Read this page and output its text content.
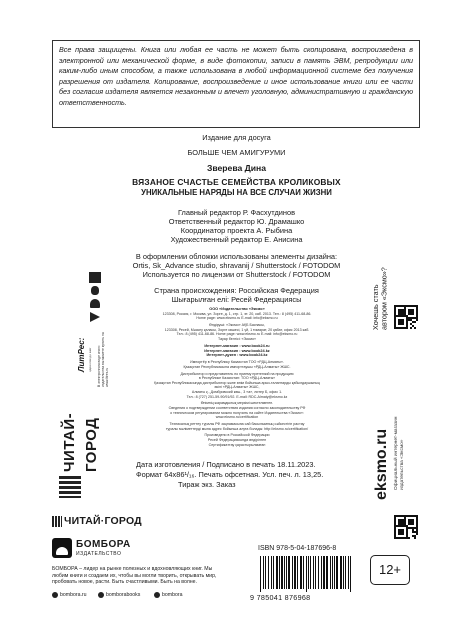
Все права защищены. Книга или любая ее часть не может быть скопирована, воспроизведена в электронной или механической форме, в виде фотокопии, записи в память ЭВМ, репродукции или каким-либо иным способом, а также использована в любой информационной системе без получения разрешения от издателя. Копирование, воспроизведение и иное использование книги или ее части без согласия издателя является незаконным и влечет уголовную, административную и гражданскую ответственность.
Издание для досуга
БОЛЬШЕ ЧЕМ АМИГУРУМИ
Зверева Дина
ВЯЗАНОЕ СЧАСТЬЕ СЕМЕЙСТВА КРОЛИКОВЫХ
УНИКАЛЬНЫЕ НАРЯДЫ НА ВСЕ СЛУЧАИ ЖИЗНИ
Главный редактор Р. Фасхутдинов
Ответственный редактор Ю. Драмашко
Координатор проекта А. Рыбина
Художественный редактор Е. Анисина
В оформлении обложки использованы элементы дизайна:
Ortis, Sk_Advance studio, shravanij / Shutterstock / FOTODOM
Используется по лицензии от Shutterstock / FOTODOM
Страна происхождения: Российская Федерация
Шығарылған елі: Ресей Федерациясы
ООО «Издательство «Эксмо»
123308, Россия, г. Москва, ул. Зорге, д. 1, стр. 1, эт. 20, каб. 2013. Тел.: 8 (495) 411-68-86.
Home page: www.eksmo.ru E-mail: info@eksmo.ru
Өндіруші: «Эксмо» АҚБ Баспасы,
123308, Ресей, Мәскеу қаласы, Зорге көшесі, 1 үй, 1 ғимарат, 20 қабат, офис 2013 каб.
Тел.: 8 (495) 411-68-86. Home page: www.eksmo.ru E-mail: info@eksmo.ru
Тауар белгісі: «Эксмо»
Интернет-магазин : www.book24.ru
Интернет-магазин : www.book24.kz
Интернет-дүкен : www.book24.kz
Импортёр в Республику Казахстан ТОО «РДЦ-Алматы».
Қазақстан Республикасына импорттаушы «РДЦ-Алматы» ЖШС.
Дистрибьютор и представитель по приему претензий на продукцию
в Республике Казахстан: ТОО «РДЦ-Алматы»
Қазақстан Республикасында дистрибьютор және өнім бойынша арыз-талаптарды қабылдаушының
өкілі «РДЦ-Алматы» ЖШС,
Алматы қ., Домбровский көш., 3 «а», литер Б, офис 1.
Тел.: 8 (727) 251-59-90/91/92. E-mail: RDC-Almaty@eksmo.kz
Өнімнің жарамдылық мерзімі шектелмеген.
Сведения о подтверждении соответствия издания согласно законодательству РФ
о техническом регулировании можно получить на сайте Издательства «Эксмо»:
www.eksmo.ru/certification
Техникалық реттеу туралы РФ заңнамасына сай басылымның сәйкестігін растау
туралы мәліметтерді мына адрес бойынша алуға болады: http://eksmo.ru/certification/
Произведено в Российской Федерации
Ресей Федерациясында өндірілген
Сертификаттау қарастырылмаған
Дата изготовления / Подписано в печать 18.11.2023.
Формат 64x86¹/₁₆. Печать офсетная. Усл. печ. л. 13,25.
Тираж экз. Заказ
В электронном виде книги издательства вы можете купить на www.litres.ru
ЛитРес: один клик до книг
ЧИТАЙ-ГОРОД
Хочешь стать автором «Эксмо»?
eksmo.ru Официальный интернет-магазин издательства «Эксмо»
ЧИТАЙ·ГОРОД
БОМБОРА
ИЗДАТЕЛЬСТВО
БОМБОРА – лидер на рынке полезных и вдохновляющих книг. Мы любим книги и создаем их, чтобы вы могли творить, открывать мир, пробовать новое, расти. Быть счастливыми. Быть на волне.
bombora.ru	bomborabooks	bombora
ISBN 978-5-04-187696-8
9 785041 876968
12+
